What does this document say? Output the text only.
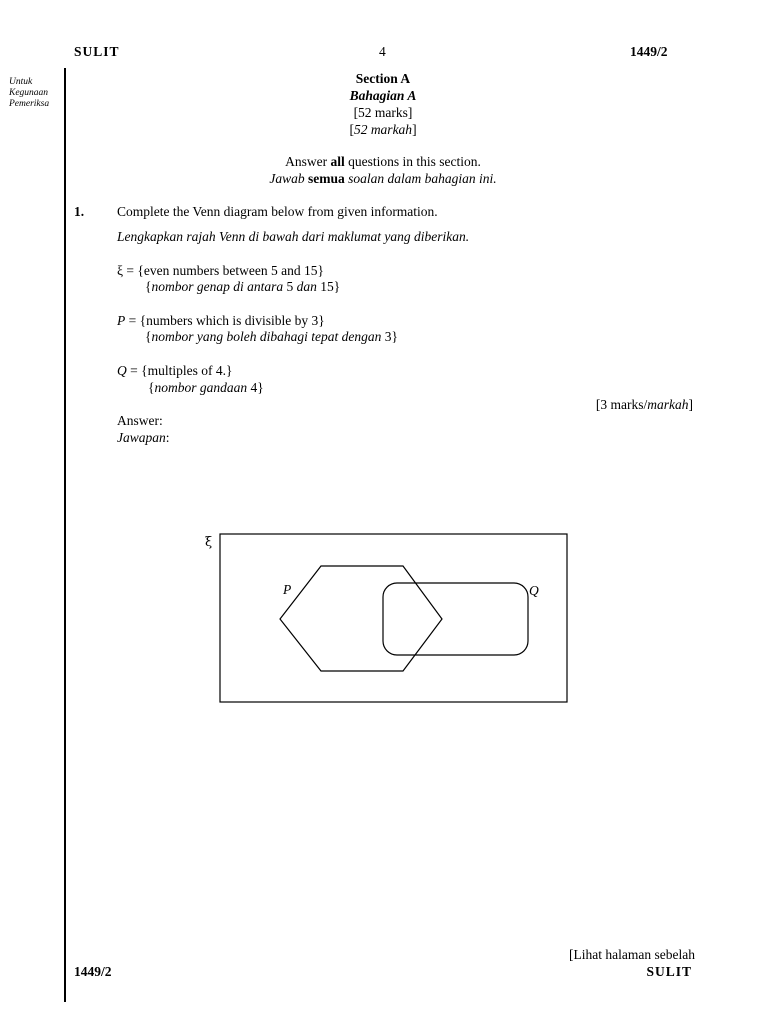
SULIT	4	1449/2
Untuk
Kegunaan
Pemeriksa
Section A
Bahagian A
[52 marks]
[52 markah]
Answer all questions in this section.
Jawab semua soalan dalam bahagian ini.
1. Complete the Venn diagram below from given information.
Lengkapkan rajah Venn di bawah dari maklumat yang diberikan.
ξ = {even numbers between 5 and 15}
{nombor genap di antara 5 dan 15}
P = {numbers which is divisible by 3}
{nombor yang boleh dibahagi tepat dengan 3}
Q = {multiples of 4.}
{nombor gandaan 4}
[3 marks/markah]
Answer:
Jawapan:
ξ
P	Q
[Lihat halaman sebelah
1449/2	SULIT
